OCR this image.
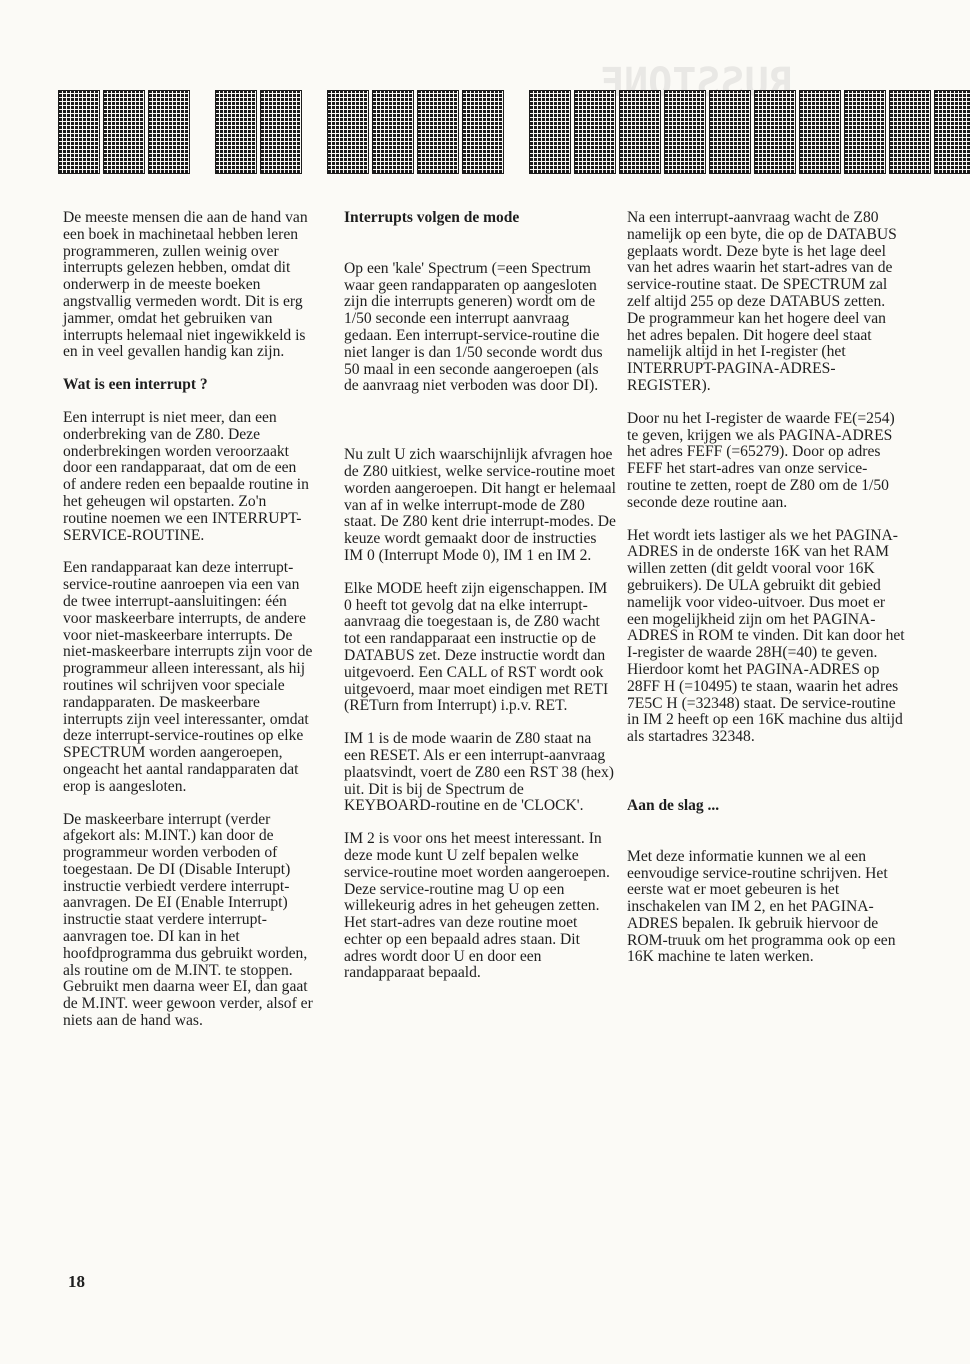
RUSSTONE

De meeste mensen die aan de hand van een boek in machinetaal hebben leren programmeren, zullen weinig over interrupts gelezen hebben, omdat dit onderwerp in de meeste boeken angstvallig vermeden wordt. Dit is erg jammer, omdat het gebruiken van interrupts helemaal niet ingewikkeld is en in veel gevallen handig kan zijn.

Wat is een interrupt ?

Een interrupt is niet meer, dan een onderbreking van de Z80. Deze onderbrekingen worden veroorzaakt door een randapparaat, dat om de een of andere reden een bepaalde routine in het geheugen wil opstarten. Zo'n routine noemen we een INTERRUPT-SERVICE-ROUTINE.

Een randapparaat kan deze interrupt-service-routine aanroepen via een van de twee interrupt-aansluitingen: één voor maskeerbare interrupts, de andere voor niet-maskeerbare interrupts. De niet-maskeerbare interrupts zijn voor de programmeur alleen interessant, als hij routines wil schrijven voor speciale randapparaten. De maskeerbare interrupts zijn veel interessanter, omdat deze interrupt-service-routines op elke SPECTRUM worden aangeroepen, ongeacht het aantal randapparaten dat erop is aangesloten.

De maskeerbare interrupt (verder afgekort als: M.INT.) kan door de programmeur worden verboden of toegestaan. De DI (Disable Interupt) instructie verbiedt verdere interrupt-aanvragen. De EI (Enable Interrupt) instructie staat verdere interrupt-aanvragen toe. DI kan in het hoofdprogramma dus gebruikt worden, als routine om de M.INT. te stoppen. Gebruikt men daarna weer EI, dan gaat de M.INT. weer gewoon verder, alsof er niets aan de hand was.

Interrupts volgen de mode

Op een 'kale' Spectrum (=een Spectrum waar geen randapparaten op aangesloten zijn die interrupts generen) wordt om de 1/50 seconde een interrupt aanvraag gedaan. Een interrupt-service-routine die niet langer is dan 1/50 seconde wordt dus 50 maal in een seconde aangeroepen (als de aanvraag niet verboden was door DI).

Nu zult U zich waarschijnlijk afvragen hoe de Z80 uitkiest, welke service-routine moet worden aangeroepen. Dit hangt er helemaal van af in welke interrupt-mode de Z80 staat. De Z80 kent drie interrupt-modes. De keuze wordt gemaakt door de instructies IM 0 (Interrupt Mode 0), IM 1 en IM 2.

Elke MODE heeft zijn eigenschappen. IM 0 heeft tot gevolg dat na elke interrupt-aanvraag die toegestaan is, de Z80 wacht tot een randapparaat een instructie op de DATABUS zet. Deze instructie wordt dan uitgevoerd. Een CALL of RST wordt ook uitgevoerd, maar moet eindigen met RETI (RETurn from Interrupt) i.p.v. RET.

IM 1 is de mode waarin de Z80 staat na een RESET. Als er een interrupt-aanvraag plaatsvindt, voert de Z80 een RST 38 (hex) uit. Dit is bij de Spectrum de KEYBOARD-routine en de 'CLOCK'.

IM 2 is voor ons het meest interessant. In deze mode kunt U zelf bepalen welke service-routine moet worden aangeroepen. Deze service-routine mag U op een willekeurig adres in het geheugen zetten. Het start-adres van deze routine moet echter op een bepaald adres staan. Dit adres wordt door U en door een randapparaat bepaald.

Na een interrupt-aanvraag wacht de Z80 namelijk op een byte, die op de DATABUS geplaats wordt. Deze byte is het lage deel van het adres waarin het start-adres van de service-routine staat. De SPECTRUM zal zelf altijd 255 op deze DATABUS zetten. De programmeur kan het hogere deel van het adres bepalen. Dit hogere deel staat namelijk altijd in het I-register (het INTERRUPT-PAGINA-ADRES-REGISTER).

Door nu het I-register de waarde FE(=254) te geven, krijgen we als PAGINA-ADRES het adres FEFF (=65279). Door op adres FEFF het start-adres van onze service-routine te zetten, roept de Z80 om de 1/50 seconde deze routine aan.

Het wordt iets lastiger als we het PAGINA-ADRES in de onderste 16K van het RAM willen zetten (dit geldt vooral voor 16K gebruikers). De ULA gebruikt dit gebied namelijk voor video-uitvoer. Dus moet er een mogelijkheid zijn om het PAGINA-ADRES in ROM te vinden. Dit kan door het I-register de waarde 28H(=40) te geven. Hierdoor komt het PAGINA-ADRES op 28FF H (=10495) te staan, waarin het adres 7E5C H (=32348) staat. De service-routine in IM 2 heeft op een 16K machine dus altijd als startadres 32348.

Aan de slag ...

Met deze informatie kunnen we al een eenvoudige service-routine schrijven. Het eerste wat er moet gebeuren is het inschakelen van IM 2, en het PAGINA-ADRES bepalen. Ik gebruik hiervoor de ROM-truuk om het programma ook op een 16K machine te laten werken.

18
